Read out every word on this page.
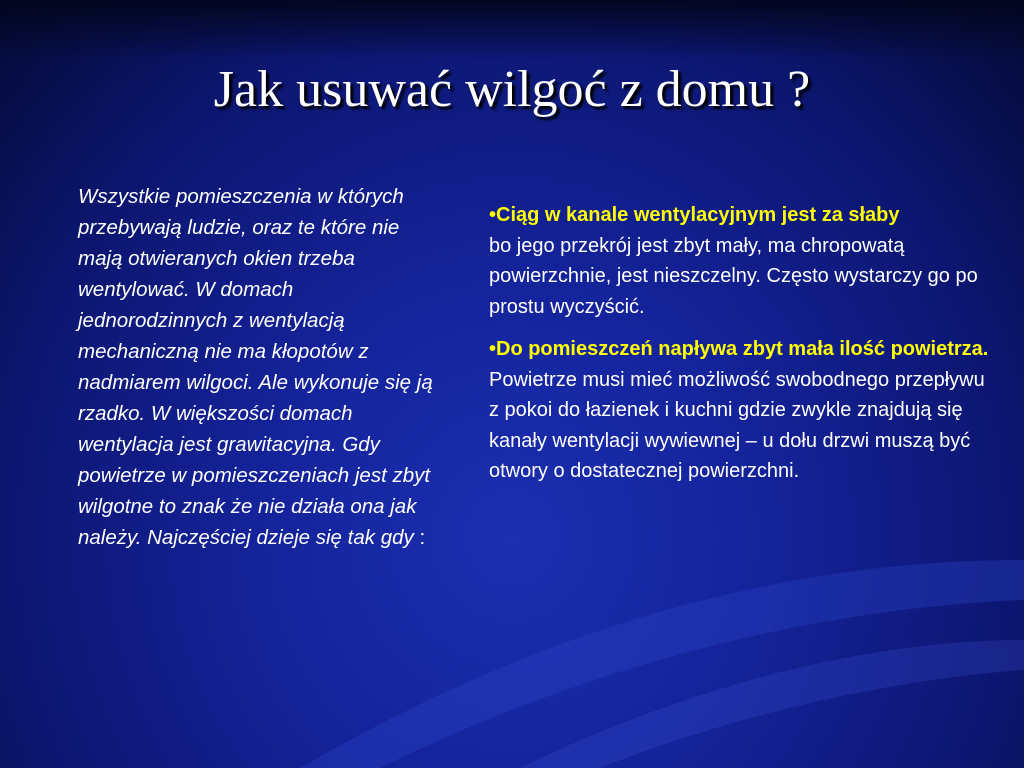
Jak usuwać wilgoć z domu ?
Wszystkie pomieszczenia w których przebywają ludzie, oraz te które nie mają otwieranych okien trzeba wentylować. W domach jednorodzinnych z wentylacją mechaniczną nie ma kłopotów z nadmiarem wilgoci. Ale wykonuje się ją rzadko. W większości domach wentylacja jest grawitacyjna. Gdy powietrze w pomieszczeniach jest zbyt wilgotne to znak że nie działa ona jak należy. Najczęściej dzieje się tak gdy :
•Ciąg w kanale wentylacyjnym jest za słaby
bo jego przekrój jest zbyt mały, ma chropowatą powierzchnie, jest nieszczelny. Często wystarczy go po prostu wyczyścić.
•Do pomieszczeń napływa zbyt mała ilość powietrza.
Powietrze musi mieć możliwość swobodnego przepływu z pokoi do łazienek i kuchni gdzie zwykle znajdują się kanały wentylacji wywiewnej – u dołu drzwi muszą być otwory o dostatecznej powierzchni.
